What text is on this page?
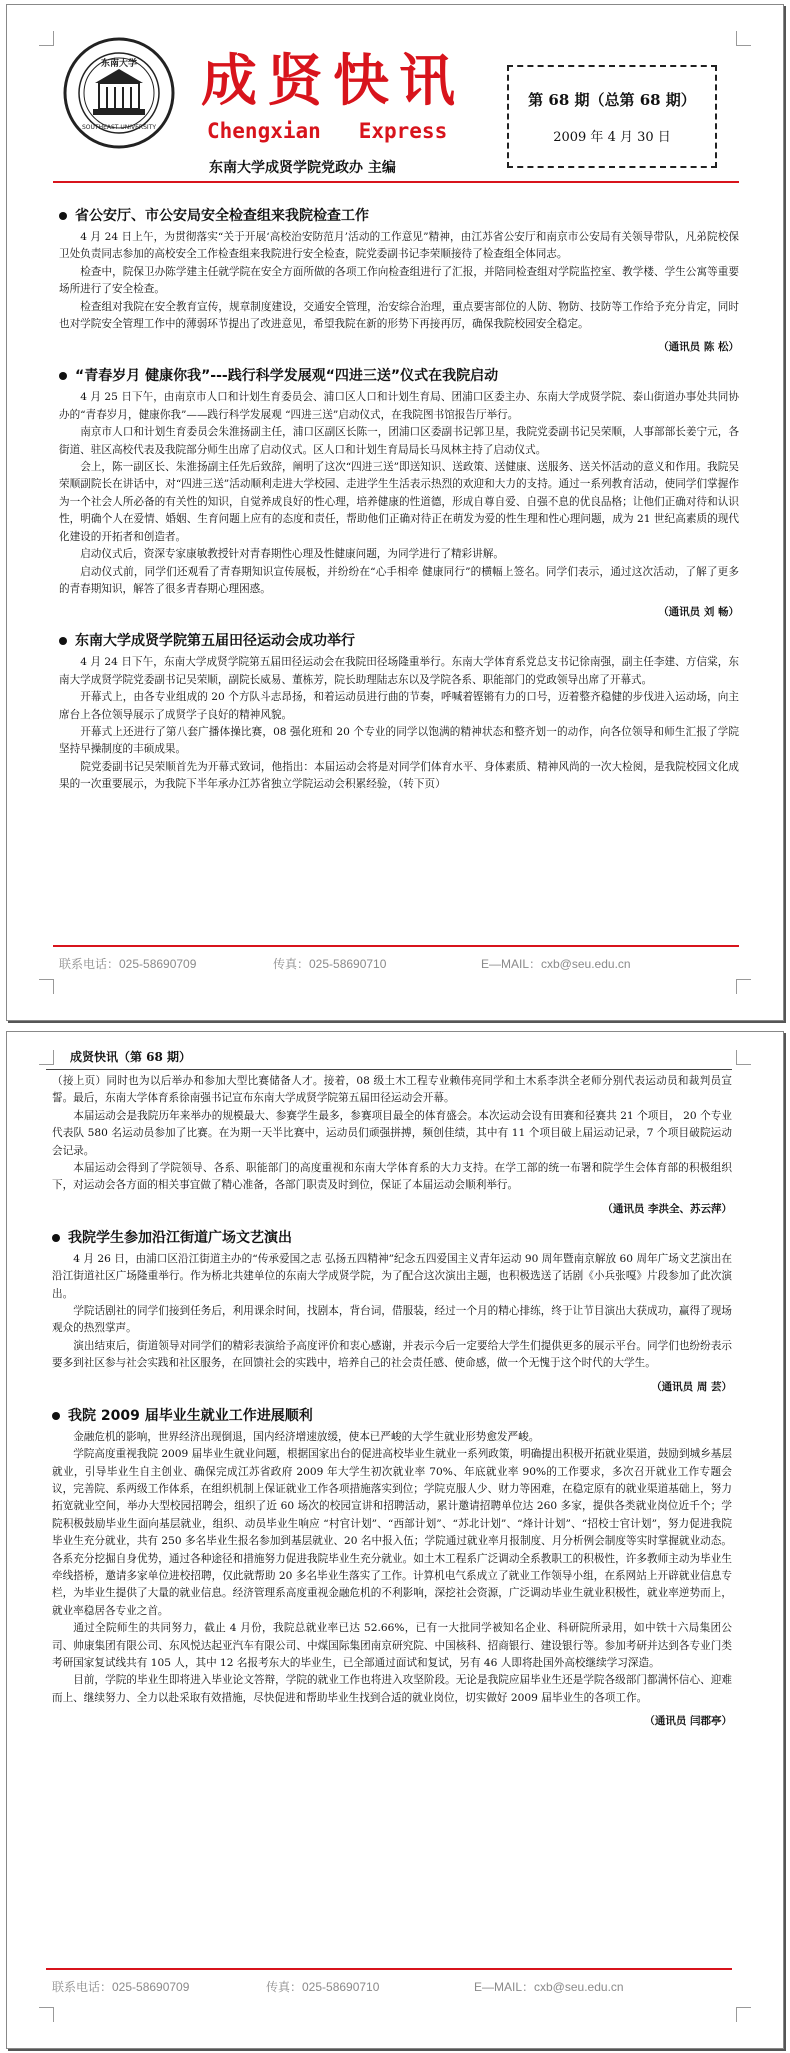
东南大学
SOUTHEAST UNIVERSITY
成贤快讯
Chengxian   Express
东南大学成贤学院党政办 主编
第 68 期（总第 68 期）
2009 年 4 月 30 日
省公安厅、市公安局安全检查组来我院检查工作

4 月 24 日上午，为贯彻落实“关于开展‘高校治安防范月’活动的工作意见”精神，由江苏省公安厅和南京市公安局有关领导带队，凡弟院校保卫处负责同志参加的高校安全工作检查组来我院进行安全检查，院党委副书记李荣顺接待了检查组全体同志。

检查中，院保卫办陈学建主任就学院在安全方面所做的各项工作向检查组进行了汇报，并陪同检查组对学院监控室、教学楼、学生公寓等重要场所进行了安全检查。

检查组对我院在安全教育宣传，规章制度建设，交通安全管理，治安综合治理，重点要害部位的人防、物防、技防等工作给予充分肯定，同时也对学院安全管理工作中的薄弱环节提出了改进意见，希望我院在新的形势下再接再厉，确保我院校园安全稳定。

（通讯员 陈 松）
“青春岁月 健康你我”---践行科学发展观“四进三送”仪式在我院启动

4 月 25 日下午，由南京市人口和计划生育委员会、浦口区人口和计划生育局、团浦口区委主办、东南大学成贤学院、泰山街道办事处共同协办的“青春岁月，健康你我”——践行科学发展观 “四进三送”启动仪式，在我院图书馆报告厅举行。

南京市人口和计划生育委员会朱淮扬副主任，浦口区副区长陈一，团浦口区委副书记郭卫星，我院党委副书记吴荣顺，人事部部长姜宁元，各街道、驻区高校代表及我院部分师生出席了启动仪式。区人口和计划生育局局长马凤林主持了启动仪式。

会上，陈一副区长、朱淮扬副主任先后致辞，阐明了这次“四进三送”即送知识、送政策、送健康、送服务、送关怀活动的意义和作用。我院吴荣顺副院长在讲话中，对“四进三送”活动顺利走进大学校园、走进学生生活表示热烈的欢迎和大力的支持。通过一系列教育活动，使同学们掌握作为一个社会人所必备的有关性的知识，自觉养成良好的性心理，培养健康的性道德，形成自尊自爱、自强不息的优良品格；让他们正确对待和认识性，明确个人在爱情、婚姻、生育问题上应有的态度和责任，帮助他们正确对待正在萌发为爱的性生理和性心理问题，成为 21 世纪高素质的现代化建设的开拓者和创造者。

启动仪式后，资深专家康敏教授针对青春期性心理及性健康问题，为同学进行了精彩讲解。

启动仪式前，同学们还观看了青春期知识宣传展板，并纷纷在“心手相牵 健康同行”的横幅上签名。同学们表示，通过这次活动，了解了更多的青春期知识，解答了很多青春期心理困惑。

（通讯员 刘 畅）
东南大学成贤学院第五届田径运动会成功举行

4 月 24 日下午，东南大学成贤学院第五届田径运动会在我院田径场隆重举行。东南大学体育系党总支书记徐南强，副主任李建、方信棠，东南大学成贤学院党委副书记吴荣顺，副院长威易、董栋芳，院长助理陆志东以及学院各系、职能部门的党政领导出席了开幕式。

开幕式上，由各专业组成的 20 个方队斗志昂扬，和着运动员进行曲的节奏，呼喊着铿锵有力的口号，迈着整齐稳健的步伐进入运动场，向主席台上各位领导展示了成贤学子良好的精神风貌。

开幕式上还进行了第八套广播体操比赛，08 强化班和 20 个专业的同学以饱满的精神状态和整齐划一的动作，向各位领导和师生汇报了学院坚持早操制度的丰硕成果。

院党委副书记吴荣顺首先为开幕式致词，他指出：本届运动会将是对同学们体育水平、身体素质、精神风尚的一次大检阅，是我院校园文化成果的一次重要展示，为我院下半年承办江苏省独立学院运动会积累经验，（转下页）

联系电话：025-58690709	传真：025-58690710	E—MAIL：cxb@seu.edu.cn
成贤快讯（第 68 期）

（接上页）同时也为以后举办和参加大型比赛储备人才。接着，08 级土木工程专业赖伟亮同学和土木系李洪全老师分别代表运动员和裁判员宣誓。最后，东南大学体育系徐南强书记宣布东南大学成贤学院第五届田径运动会开幕。

本届运动会是我院历年来举办的规模最大、参赛学生最多，参赛项目最全的体育盛会。本次运动会设有田赛和径赛共 21 个项目， 20 个专业代表队 580 名运动员参加了比赛。在为期一天半比赛中，运动员们顽强拼搏，频创佳绩，其中有 11 个项目破上届运动记录，7 个项目破院运动会记录。

本届运动会得到了学院领导、各系、职能部门的高度重视和东南大学体育系的大力支持。在学工部的统一布署和院学生会体育部的积极组织下，对运动会各方面的相关事宜做了精心准备，各部门职责及时到位，保证了本届运动会顺利举行。

（通讯员 李洪全、苏云萍）
我院学生参加沿江街道广场文艺演出

4 月 26 日，由浦口区沿江街道主办的“传承爱国之志 弘扬五四精神”纪念五四爱国主义青年运动 90 周年暨南京解放 60 周年广场文艺演出在沿江街道社区广场隆重举行。作为桥北共建单位的东南大学成贤学院，为了配合这次演出主题，也积极选送了话剧《小兵张嘎》片段参加了此次演出。

学院话剧社的同学们接到任务后，利用课余时间，找剧本，背台词，借服装，经过一个月的精心排练，终于让节目演出大获成功，赢得了现场观众的热烈掌声。

演出结束后，街道领导对同学们的精彩表演给予高度评价和衷心感谢，并表示今后一定要给大学生们提供更多的展示平台。同学们也纷纷表示要多到社区参与社会实践和社区服务，在回馈社会的实践中，培养自己的社会责任感、使命感，做一个无愧于这个时代的大学生。

（通讯员 周 芸）
我院 2009 届毕业生就业工作进展顺利

金融危机的影响，世界经济出现倒退，国内经济增速放缓，使本已严峻的大学生就业形势愈发严峻。

学院高度重视我院 2009 届毕业生就业问题，根据国家出台的促进高校毕业生就业一系列政策，明确提出积极开拓就业渠道，鼓励到城乡基层就业，引导毕业生自主创业、确保完成江苏省政府 2009 年大学生初次就业率 70%、年底就业率 90%的工作要求，多次召开就业工作专题会议，完善院、系两级工作体系，在组织机制上保证就业工作各项措施落实到位；学院克服人少、财力等困难，在稳定原有的就业渠道基础上，努力拓宽就业空间，举办大型校园招聘会，组织了近 60 场次的校园宣讲和招聘活动，累计邀请招聘单位达 260 多家，提供各类就业岗位近千个；学院积极鼓励毕业生面向基层就业，组织、动员毕业生响应 “村官计划”、“西部计划”、“苏北计划”、“烽计计划”、“招校士官计划”，努力促进我院毕业生充分就业，共有 250 多名毕业生报名参加到基层就业、20 名中报入伍；学院通过就业率月报制度、月分析例会制度等实时掌握就业动态。各系充分挖掘自身优势，通过各种途径和措施努力促进我院毕业生充分就业。如土木工程系广泛调动全系教职工的积极性，许多教师主动为毕业生牵线搭桥，邀请多家单位进校招聘，仅此就帮助 20 多名毕业生落实了工作。计算机电气系成立了就业工作领导小组，在系网站上开辟就业信息专栏，为毕业生提供了大量的就业信息。经济管理系高度重视金融危机的不利影响，深挖社会资源，广泛调动毕业生就业积极性，就业率逆势而上，就业率稳居各专业之首。

通过全院师生的共同努力，截止 4 月份，我院总就业率已达 52.66%，已有一大批同学被知名企业、科研院所录用，如中铁十六局集团公司、帅康集团有限公司、东风悦达起亚汽车有限公司、中煤国际集团南京研究院、中国核科、招商银行、建设银行等。参加考研并达到各专业门类考研国家复试线共有 105 人，其中 12 名报考东大的毕业生，已全部通过面试和复试，另有 46 人即将赴国外高校继续学习深造。

目前，学院的毕业生即将进入毕业论文答辩，学院的就业工作也将进入攻坚阶段。无论是我院应届毕业生还是学院各级部门都满怀信心、迎难而上、继续努力、全力以赴采取有效措施，尽快促进和帮助毕业生找到合适的就业岗位，切实做好 2009 届毕业生的各项工作。

（通讯员 闫郡亭）
联系电话：025-58690709	传真：025-58690710	E—MAIL：cxb@seu.edu.cn
